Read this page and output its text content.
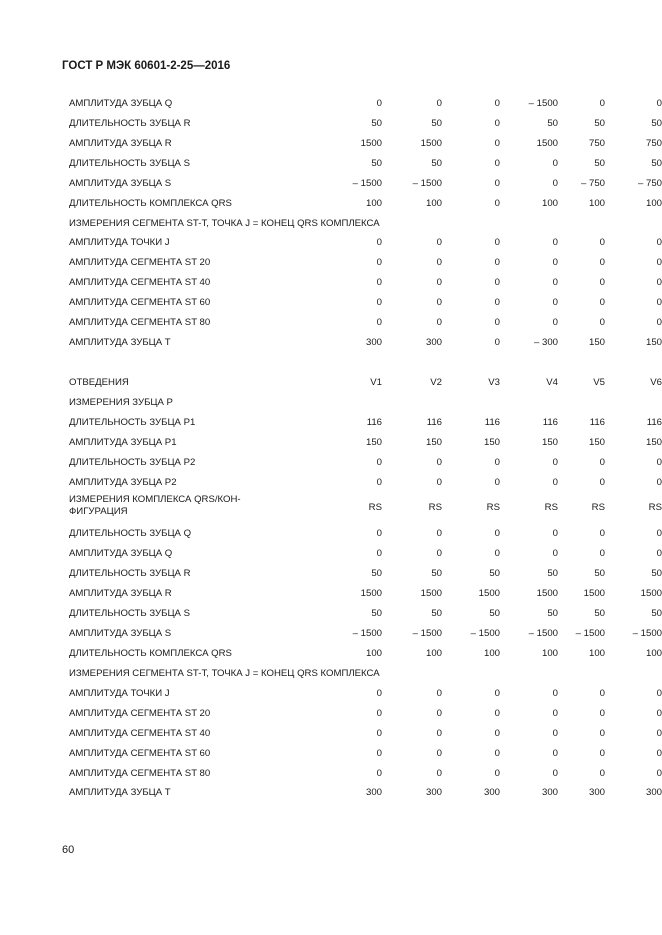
ГОСТ Р МЭК 60601-2-25—2016
АМПЛИТУДА ЗУБЦА Q	0	0	0	– 1500	0	0
ДЛИТЕЛЬНОСТЬ ЗУБЦА R	50	50	0	50	50	50
АМПЛИТУДА ЗУБЦА R	1500	1500	0	1500	750	750
ДЛИТЕЛЬНОСТЬ ЗУБЦА S	50	50	0	0	50	50
АМПЛИТУДА ЗУБЦА S	– 1500	– 1500	0	0	– 750	– 750
ДЛИТЕЛЬНОСТЬ КОМПЛЕКСА QRS	100	100	0	100	100	100
ИЗМЕРЕНИЯ СЕГМЕНТА ST-T, ТОЧКА J = КОНЕЦ QRS КОМПЛЕКСА
АМПЛИТУДА ТОЧКИ J	0	0	0	0	0	0
АМПЛИТУДА СЕГМЕНТА ST 20	0	0	0	0	0	0
АМПЛИТУДА СЕГМЕНТА ST 40	0	0	0	0	0	0
АМПЛИТУДА СЕГМЕНТА ST 60	0	0	0	0	0	0
АМПЛИТУДА СЕГМЕНТА ST 80	0	0	0	0	0	0
АМПЛИТУДА ЗУБЦА T	300	300	0	– 300	150	150
ОТВЕДЕНИЯ	V1	V2	V3	V4	V5	V6
ИЗМЕРЕНИЯ ЗУБЦА P
ДЛИТЕЛЬНОСТЬ ЗУБЦА P1	116	116	116	116	116	116
АМПЛИТУДА ЗУБЦА P1	150	150	150	150	150	150
ДЛИТЕЛЬНОСТЬ ЗУБЦА P2	0	0	0	0	0	0
АМПЛИТУДА ЗУБЦА P2	0	0	0	0	0	0
ИЗМЕРЕНИЯ КОМПЛЕКСА QRS/КОН-ФИГУРАЦИЯ	RS	RS	RS	RS	RS	RS
ДЛИТЕЛЬНОСТЬ ЗУБЦА Q	0	0	0	0	0	0
АМПЛИТУДА ЗУБЦА Q	0	0	0	0	0	0
ДЛИТЕЛЬНОСТЬ ЗУБЦА R	50	50	50	50	50	50
АМПЛИТУДА ЗУБЦА R	1500	1500	1500	1500	1500	1500
ДЛИТЕЛЬНОСТЬ ЗУБЦА S	50	50	50	50	50	50
АМПЛИТУДА ЗУБЦА S	– 1500	– 1500	– 1500	– 1500	– 1500	– 1500
ДЛИТЕЛЬНОСТЬ КОМПЛЕКСА QRS	100	100	100	100	100	100
ИЗМЕРЕНИЯ СЕГМЕНТА ST-T, ТОЧКА J = КОНЕЦ QRS КОМПЛЕКСА
АМПЛИТУДА ТОЧКИ J	0	0	0	0	0	0
АМПЛИТУДА СЕГМЕНТА ST 20	0	0	0	0	0	0
АМПЛИТУДА СЕГМЕНТА ST 40	0	0	0	0	0	0
АМПЛИТУДА СЕГМЕНТА ST 60	0	0	0	0	0	0
АМПЛИТУДА СЕГМЕНТА ST 80	0	0	0	0	0	0
АМПЛИТУДА ЗУБЦА T	300	300	300	300	300	300
60
